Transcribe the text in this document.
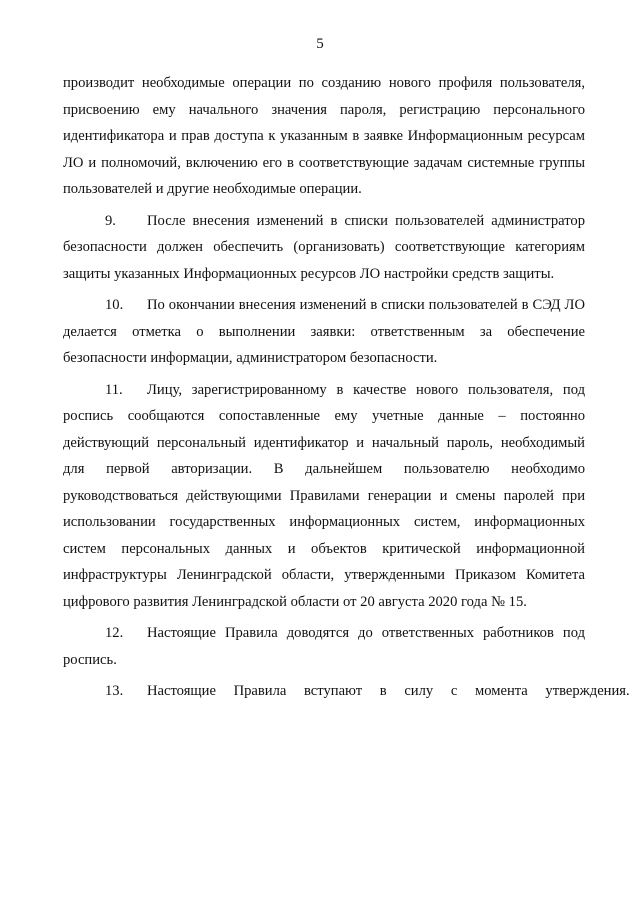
5

производит необходимые операции по созданию нового профиля пользователя, присвоению ему начального значения пароля, регистрацию персонального идентификатора и прав доступа к указанным в заявке Информационным ресурсам ЛО и полномочий, включению его в соответствующие задачам системные группы пользователей и другие необходимые операции.

9. После внесения изменений в списки пользователей администратор безопасности должен обеспечить (организовать) соответствующие категориям защиты указанных Информационных ресурсов ЛО настройки средств защиты.

10. По окончании внесения изменений в списки пользователей в СЭД ЛО делается отметка о выполнении заявки: ответственным за обеспечение безопасности информации, администратором безопасности.

11. Лицу, зарегистрированному в качестве нового пользователя, под роспись сообщаются сопоставленные ему учетные данные – постоянно действующий персональный идентификатор и начальный пароль, необходимый для первой авторизации. В дальнейшем пользователю необходимо руководствоваться действующими Правилами генерации и смены паролей при использовании государственных информационных систем, информационных систем персональных данных и объектов критической информационной инфраструктуры Ленинградской области, утвержденными Приказом Комитета цифрового развития Ленинградской области от 20 августа 2020 года № 15.

12. Настоящие Правила доводятся до ответственных работников под роспись.

13. Настоящие Правила вступают в силу с момента утверждения.
